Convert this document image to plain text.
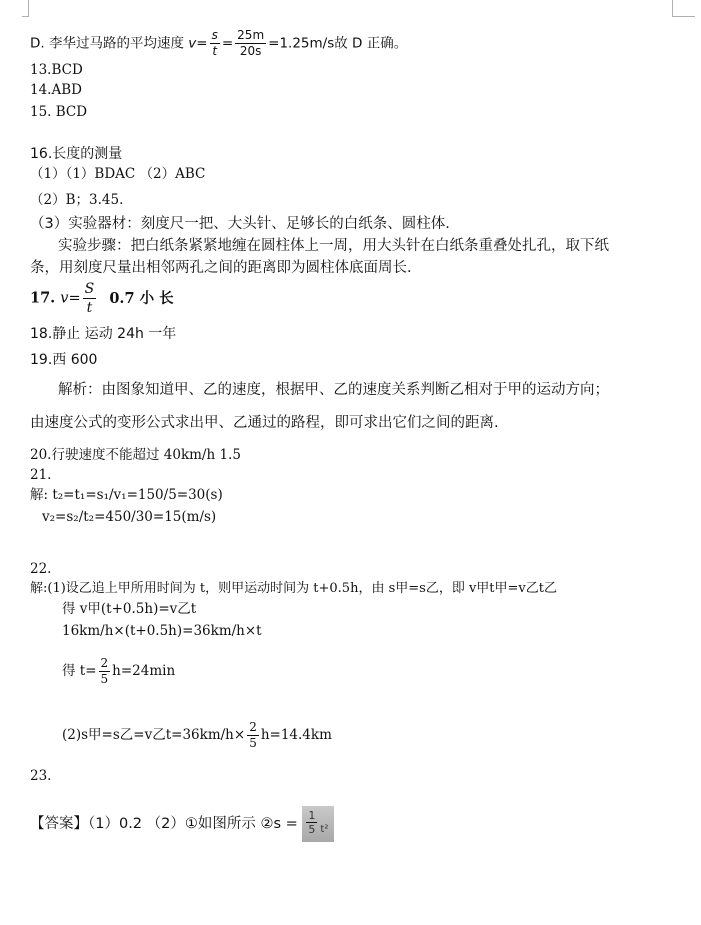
D. 李华过马路的平均速度 $v= \frac{s}{t} = \frac{25m}{20s} =1.25m/s$故 D 正确。
13.BCD
14.ABD
15. BCD
16.长度的测量
（1）（1）BDAC （2）ABC
（2）B；3.45.
（3）实验器材：刻度尺一把、大头针、足够长的白纸条、圆柱体.
实验步骤：把白纸条紧紧地缠在圆柱体上一周，用大头针在白纸条重叠处扎孔，取下纸
条，用刻度尺量出相邻两孔之间的距离即为圆柱体底面周长.
17. $v= \frac{S}{t} 0.7$ 小 长
18.静止 运动 24h 一年
19.西 600
解析：由图象知道甲、乙的速度，根据甲、乙的速度关系判断乙相对于甲的运动方向；
由速度公式的变形公式求出甲、乙通过的路程，即可求出它们之间的距离.
20.行驶速度不能超过 40km/h 1.5
21.
解: t₂=t₁=s₁/v₁=150/5=30(s)
v₂=s₂/t₂=450/30=15(m/s)
22.
解:(1)设乙追上甲所用时间为 t，则甲运动时间为 t+0.5h，由 s甲=s乙，即 v甲t甲=v乙t乙
得 v甲(t+0.5h)=v乙t
16km/h×(t+0.5h)=36km/h×t
得 $t= \frac{2}{5} h=24\min$
(2)s甲=s乙=v乙$t=36km/h\times \frac{2}{5} h=14.4km$
23.
【答案】（1）0.2 （2）①如图所示 ②s = $\frac{1}{5} t^2$
